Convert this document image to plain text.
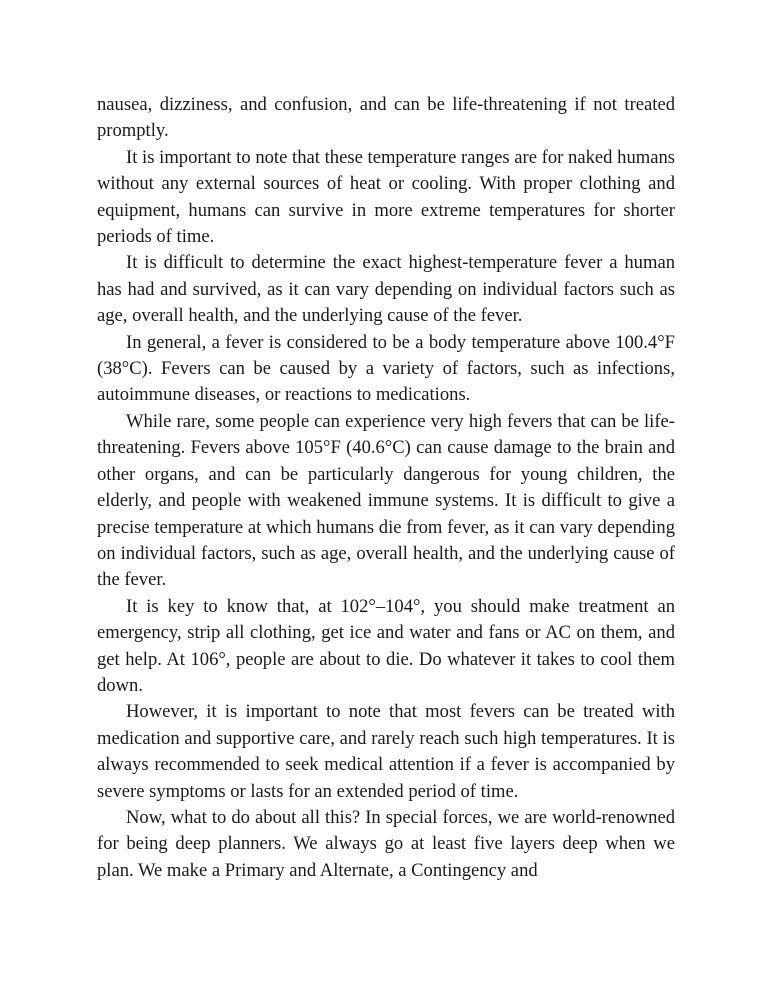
nausea, dizziness, and confusion, and can be life-threatening if not treated promptly.

It is important to note that these temperature ranges are for naked humans without any external sources of heat or cooling. With proper clothing and equipment, humans can survive in more extreme temperatures for shorter periods of time.

It is difficult to determine the exact highest-temperature fever a human has had and survived, as it can vary depending on individual factors such as age, overall health, and the underlying cause of the fever.

In general, a fever is considered to be a body temperature above 100.4°F (38°C). Fevers can be caused by a variety of factors, such as infections, autoimmune diseases, or reactions to medications.

While rare, some people can experience very high fevers that can be life-threatening. Fevers above 105°F (40.6°C) can cause damage to the brain and other organs, and can be particularly dangerous for young children, the elderly, and people with weakened immune systems. It is difficult to give a precise temperature at which humans die from fever, as it can vary depending on individual factors, such as age, overall health, and the underlying cause of the fever.

It is key to know that, at 102°–104°, you should make treatment an emergency, strip all clothing, get ice and water and fans or AC on them, and get help. At 106°, people are about to die. Do whatever it takes to cool them down.

However, it is important to note that most fevers can be treated with medication and supportive care, and rarely reach such high temperatures. It is always recommended to seek medical attention if a fever is accompanied by severe symptoms or lasts for an extended period of time.

Now, what to do about all this? In special forces, we are world-renowned for being deep planners. We always go at least five layers deep when we plan. We make a Primary and Alternate, a Contingency and
